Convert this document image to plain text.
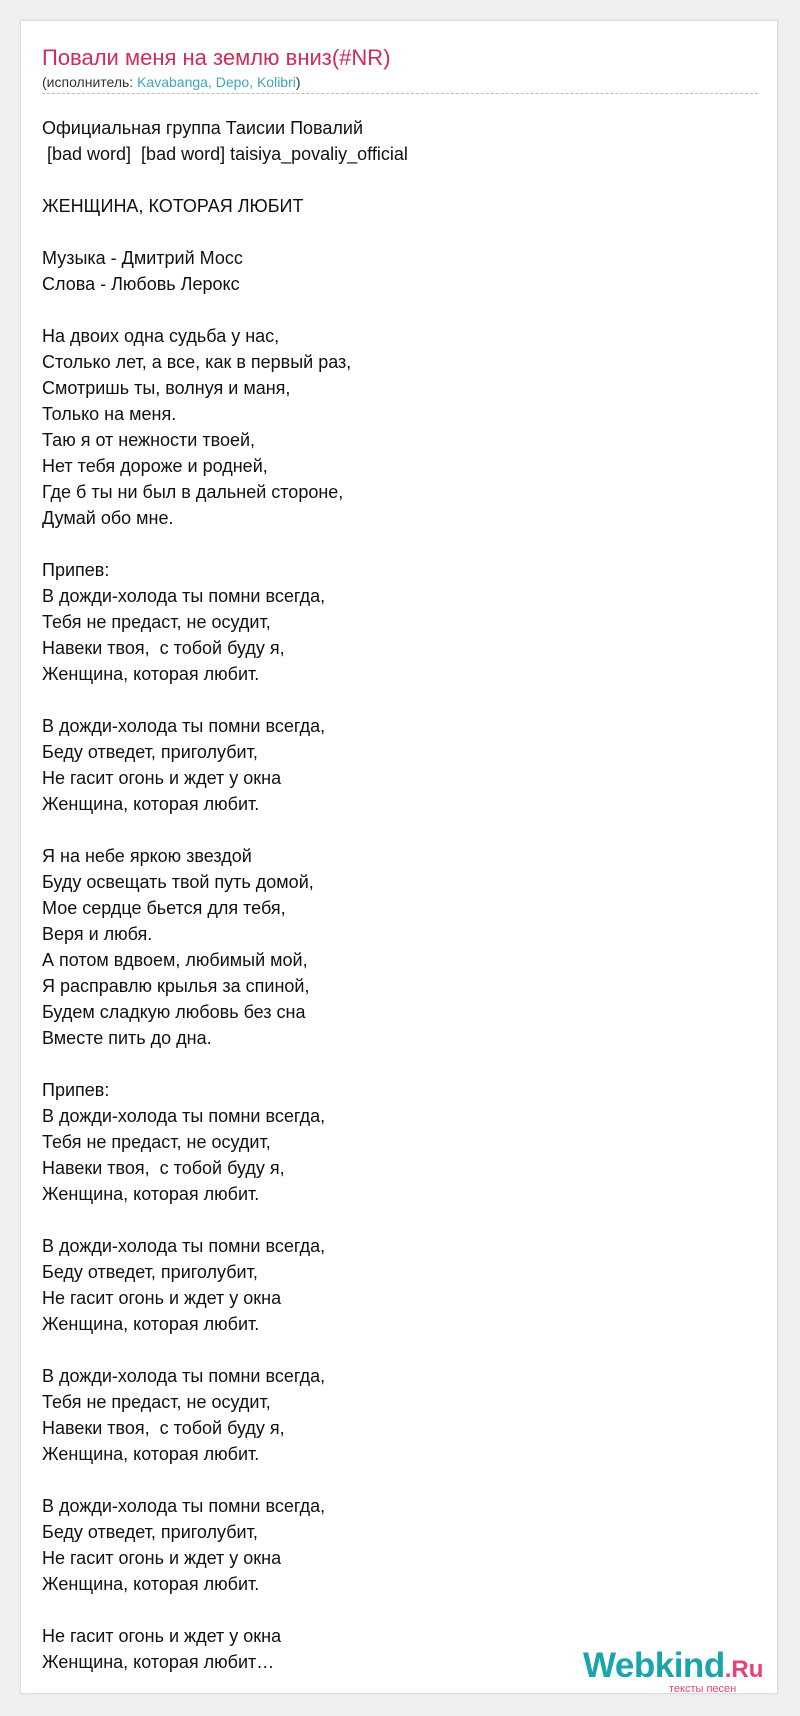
Повали меня на землю вниз(#NR)
(исполнитель: Kavabanga, Depo, Kolibri)
Официальная группа Таисии Повалий
[bad word]  [bad word] taisiya_povaliy_official

ЖЕНЩИНА, КОТОРАЯ ЛЮБИТ

Музыка - Дмитрий Мосс
Слова - Любовь Лерокс

На двоих одна судьба у нас,
Столько лет, а все, как в первый раз,
Смотришь ты, волнуя и маня,
Только на меня.
Таю я от нежности твоей,
Нет тебя дороже и родней,
Где б ты ни был в дальней стороне,
Думай обо мне.

Припев:
В дожди-холода ты помни всегда,
Тебя не предаст, не осудит,
Навеки твоя,  с тобой буду я,
Женщина, которая любит.

В дожди-холода ты помни всегда,
Беду отведет, приголубит,
Не гасит огонь и ждет у окна
Женщина, которая любит.

Я на небе яркою звездой
Буду освещать твой путь домой,
Мое сердце бьется для тебя,
Веря и любя.
А потом вдвоем, любимый мой,
Я расправлю крылья за спиной,
Будем сладкую любовь без сна
Вместе пить до дна.

Припев:
В дожди-холода ты помни всегда,
Тебя не предаст, не осудит,
Навеки твоя,  с тобой буду я,
Женщина, которая любит.

В дожди-холода ты помни всегда,
Беду отведет, приголубит,
Не гасит огонь и ждет у окна
Женщина, которая любит.

В дожди-холода ты помни всегда,
Тебя не предаст, не осудит,
Навеки твоя,  с тобой буду я,
Женщина, которая любит.

В дожди-холода ты помни всегда,
Беду отведет, приголубит,
Не гасит огонь и ждет у окна
Женщина, которая любит.

Не гасит огонь и ждет у окна
Женщина, которая любит…	Webkind.Ru
тексты песен
